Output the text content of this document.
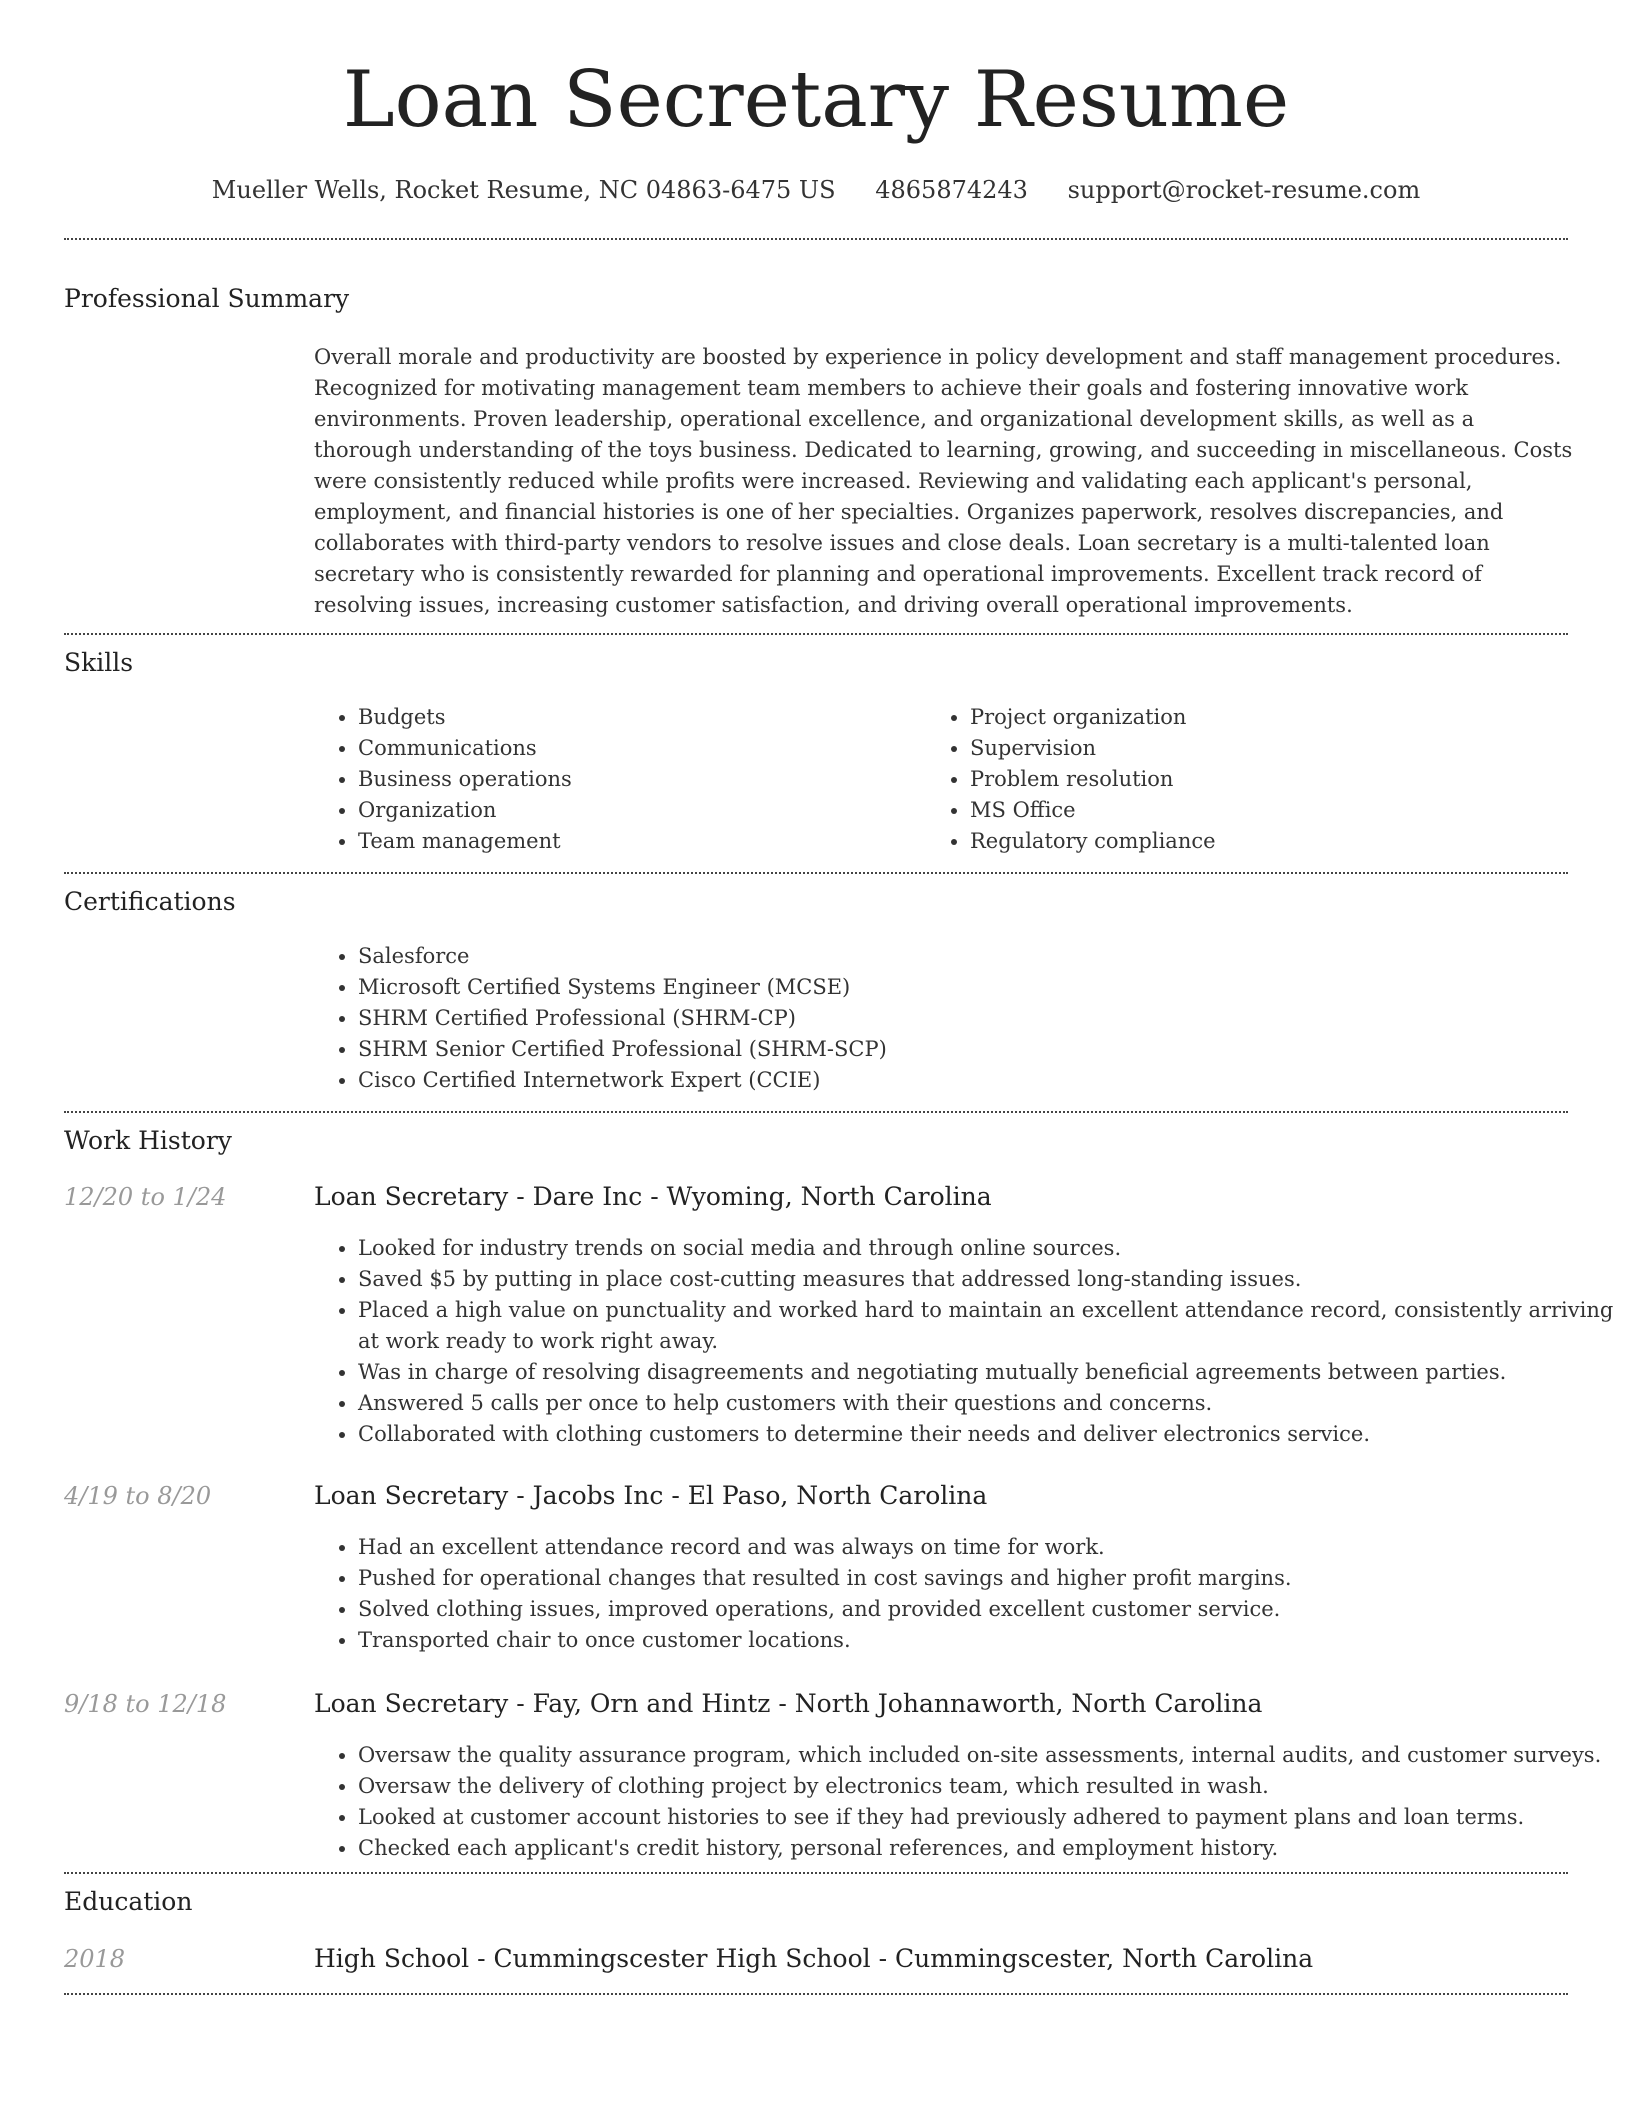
Loan Secretary Resume
Mueller Wells, Rocket Resume, NC 04863-6475 US 4865874243 support@rocket-resume.com
Professional Summary

Overall morale and productivity are boosted by experience in policy development and staff management procedures. Recognized for motivating management team members to achieve their goals and fostering innovative work environments. Proven leadership, operational excellence, and organizational development skills, as well as a thorough understanding of the toys business. Dedicated to learning, growing, and succeeding in miscellaneous. Costs were consistently reduced while profits were increased. Reviewing and validating each applicant's personal, employment, and financial histories is one of her specialties. Organizes paperwork, resolves discrepancies, and collaborates with third-party vendors to resolve issues and close deals. Loan secretary is a multi-talented loan secretary who is consistently rewarded for planning and operational improvements. Excellent track record of resolving issues, increasing customer satisfaction, and driving overall operational improvements.

Skills
• Budgets
• Communications
• Business operations
• Organization
• Team management
• Project organization
• Supervision
• Problem resolution
• MS Office
• Regulatory compliance
Certifications
• Salesforce
• Microsoft Certified Systems Engineer (MCSE)
• SHRM Certified Professional (SHRM-CP)
• SHRM Senior Certified Professional (SHRM-SCP)
• Cisco Certified Internetwork Expert (CCIE)
Work History
12/20 to 1/24	Loan Secretary - Dare Inc - Wyoming, North Carolina
• Looked for industry trends on social media and through online sources.
• Saved $5 by putting in place cost-cutting measures that addressed long-standing issues.
• Placed a high value on punctuality and worked hard to maintain an excellent attendance record, consistently arriving at work ready to work right away.
• Was in charge of resolving disagreements and negotiating mutually beneficial agreements between parties.
• Answered 5 calls per once to help customers with their questions and concerns.
• Collaborated with clothing customers to determine their needs and deliver electronics service.
4/19 to 8/20	Loan Secretary - Jacobs Inc - El Paso, North Carolina
• Had an excellent attendance record and was always on time for work.
• Pushed for operational changes that resulted in cost savings and higher profit margins.
• Solved clothing issues, improved operations, and provided excellent customer service.
• Transported chair to once customer locations.
9/18 to 12/18	Loan Secretary - Fay, Orn and Hintz - North Johannaworth, North Carolina
• Oversaw the quality assurance program, which included on-site assessments, internal audits, and customer surveys.
• Oversaw the delivery of clothing project by electronics team, which resulted in wash.
• Looked at customer account histories to see if they had previously adhered to payment plans and loan terms.
• Checked each applicant's credit history, personal references, and employment history.
Education
2018	High School - Cummingscester High School - Cummingscester, North Carolina
